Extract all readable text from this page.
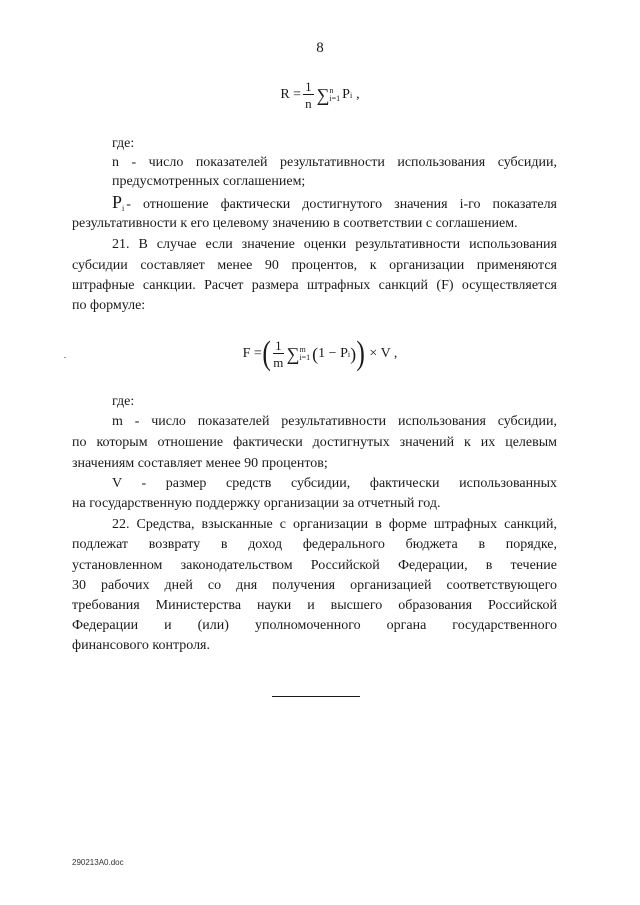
8
$R = \frac{1}{n}$ ∑ n
i=1 P i ,
где:
n - число показателей результативности использования субсидии,
предусмотренных соглашением;
$P_i$ - отношение фактически достигнутого значения i-го показателя
результативности к его целевому значению в соответствии с соглашением.
21. В случае если значение оценки результативности использования
субсидии составляет менее 90 процентов, к организации применяются
штрафные санкции. Расчет размера штрафных санкций (F) осуществляется
по формуле:
F = ( $\frac{1}{m}$ ∑ m
i=1 ( 1 − P i ) ) × V ,
где:
m - число показателей результативности использования субсидии,
по которым отношение фактически достигнутых значений к их целевым
значениям составляет менее 90 процентов;
V - размер средств субсидии, фактически использованных
на государственную поддержку организации за отчетный год.
22. Средства, взысканные с организации в форме штрафных санкций,
подлежат возврату в доход федерального бюджета в порядке,
установленном законодательством Российской Федерации, в течение
30 рабочих дней со дня получения организацией соответствующего
требования Министерства науки и высшего образования Российской
Федерации и (или) уполномоченного органа государственного
финансового контроля.
290213A0.doc
